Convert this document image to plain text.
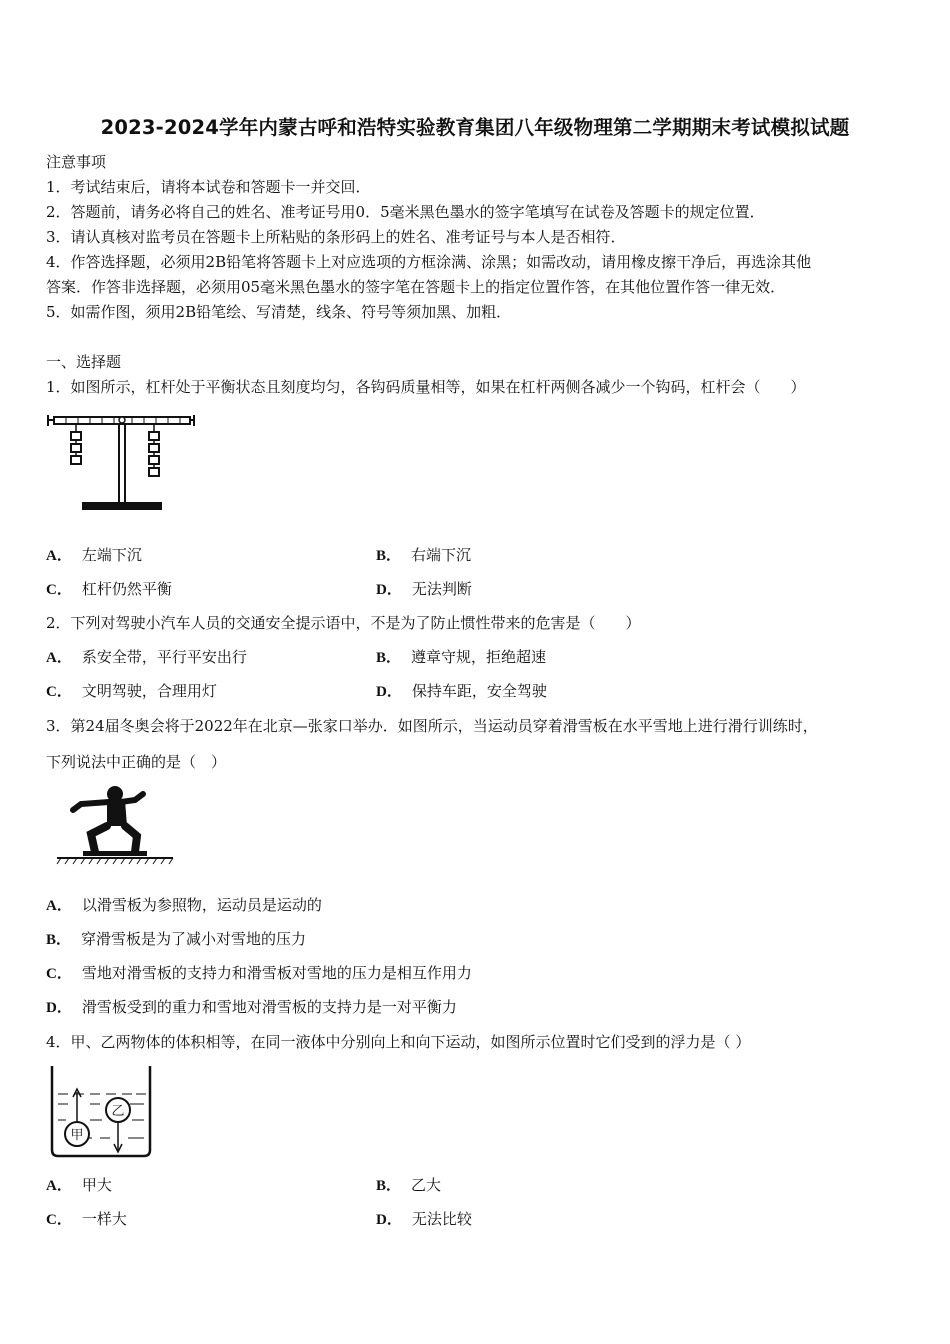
2023-2024学年内蒙古呼和浩特实验教育集团八年级物理第二学期期末考试模拟试题
注意事项
1．考试结束后，请将本试卷和答题卡一并交回．
2．答题前，请务必将自己的姓名、准考证号用0．5毫米黑色墨水的签字笔填写在试卷及答题卡的规定位置．
3．请认真核对监考员在答题卡上所粘贴的条形码上的姓名、准考证号与本人是否相符．
4．作答选择题，必须用2B铅笔将答题卡上对应选项的方框涂满、涂黑；如需改动，请用橡皮擦干净后，再选涂其他
答案．作答非选择题，必须用05毫米黑色墨水的签字笔在答题卡上的指定位置作答，在其他位置作答一律无效．
5．如需作图，须用2B铅笔绘、写清楚，线条、符号等须加黑、加粗．
一、选择题
1．如图所示，杠杆处于平衡状态且刻度均匀，各钩码质量相等，如果在杠杆两侧各减少一个钩码，杠杆会（　　）
A． 左端下沉	B． 右端下沉
C． 杠杆仍然平衡	D． 无法判断
2．下列对驾驶小汽车人员的交通安全提示语中，不是为了防止惯性带来的危害是（　　）
A． 系安全带，平行平安出行	B． 遵章守规，拒绝超速
C． 文明驾驶，合理用灯	D． 保持车距，安全驾驶
3．第24届冬奥会将于2022年在北京—张家口举办．如图所示，当运动员穿着滑雪板在水平雪地上进行滑行训练时，
下列说法中正确的是（　）
A． 以滑雪板为参照物，运动员是运动的
B． 穿滑雪板是为了减小对雪地的压力
C． 雪地对滑雪板的支持力和滑雪板对雪地的压力是相互作用力
D． 滑雪板受到的重力和雪地对滑雪板的支持力是一对平衡力
4．甲、乙两物体的体积相等，在同一液体中分别向上和向下运动，如图所示位置时它们受到的浮力是（ ）
甲
乙
A． 甲大	B． 乙大
C． 一样大	D． 无法比较
